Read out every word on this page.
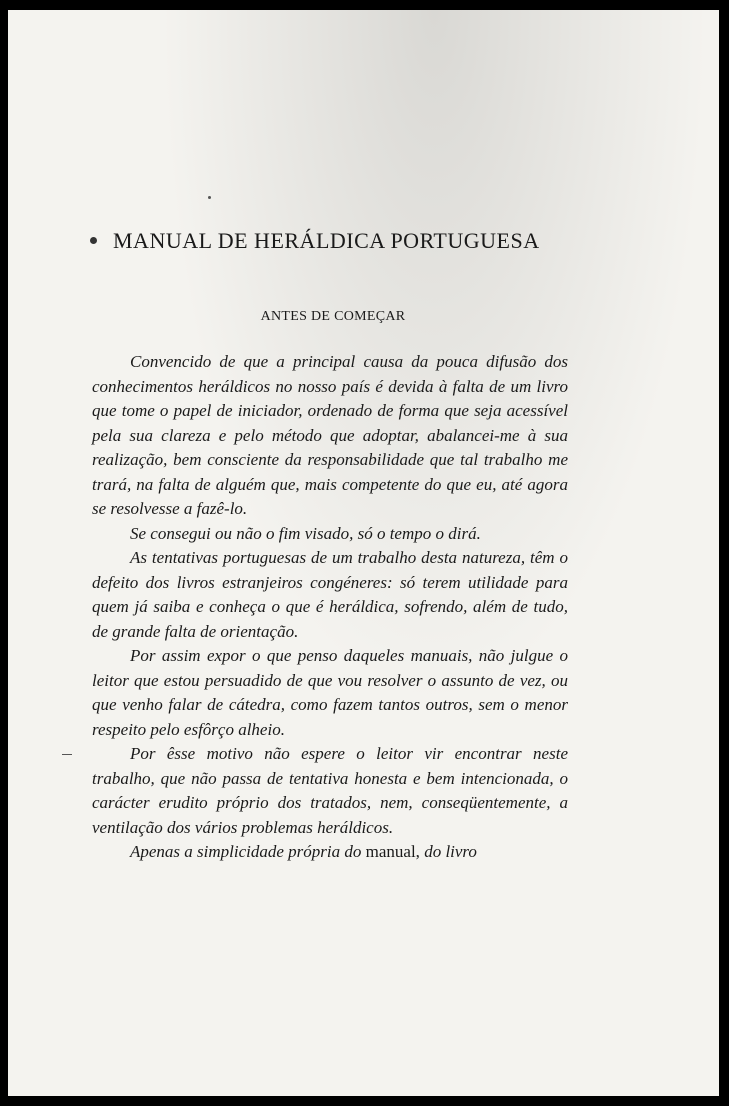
MANUAL DE HERÁLDICA PORTUGUESA
ANTES DE COMEÇAR

Convencido de que a principal causa da pouca difusão dos conhecimentos heráldicos no nosso país é devida à falta de um livro que tome o papel de iniciador, ordenado de forma que seja acessível pela sua clareza e pelo método que adoptar, abalancei-me à sua realização, bem consciente da responsabilidade que tal trabalho me trará, na falta de alguém que, mais competente do que eu, até agora se resolvesse a fazê-lo.

Se consegui ou não o fim visado, só o tempo o dirá.

As tentativas portuguesas de um trabalho desta natureza, têm o defeito dos livros estranjeiros congéneres: só terem utilidade para quem já saiba e conheça o que é heráldica, sofrendo, além de tudo, de grande falta de orientação.

Por assim expor o que penso daqueles manuais, não julgue o leitor que estou persuadido de que vou resolver o assunto de vez, ou que venho falar de cátedra, como fazem tantos outros, sem o menor respeito pelo esfôrço alheio.

Por êsse motivo não espere o leitor vir encontrar neste trabalho, que não passa de tentativa honesta e bem intencionada, o carácter erudito próprio dos tratados, nem, conseqüentemente, a ventilação dos vários problemas heráldicos.

Apenas a simplicidade própria do manual, do livro
